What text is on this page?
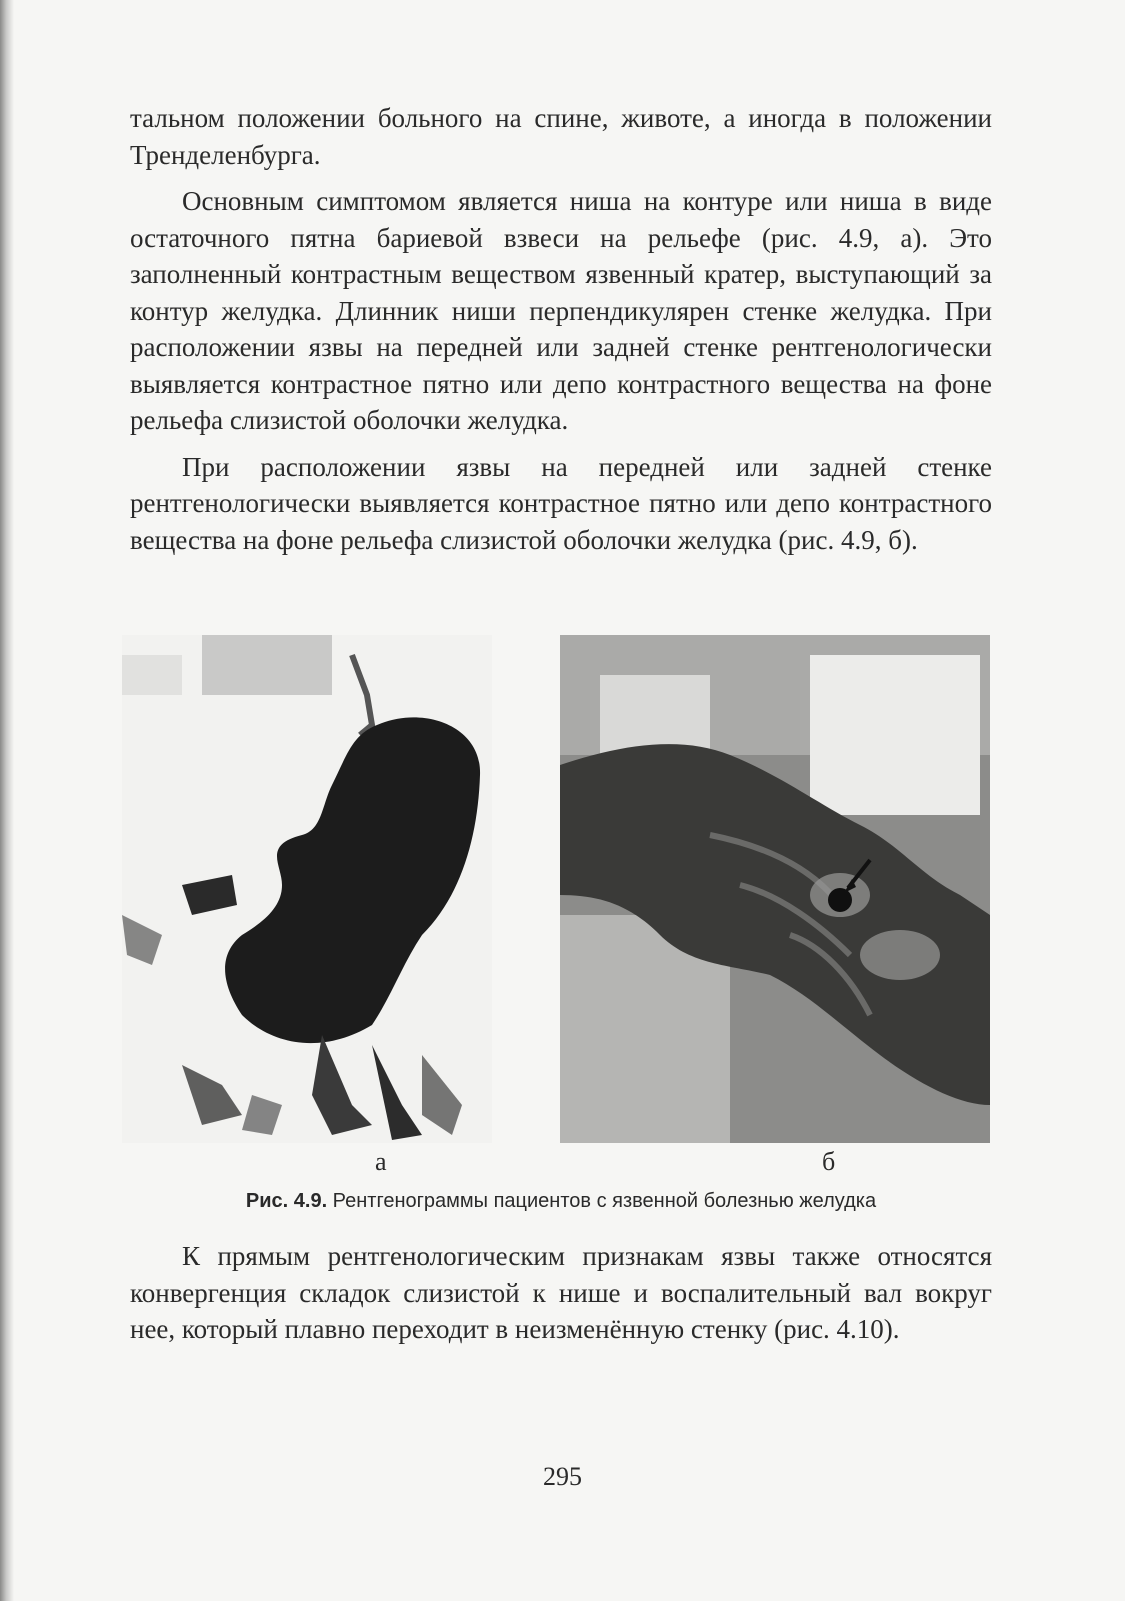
тальном положении больного на спине, животе, а иногда в положении Тренделенбурга.

Основным симптомом является ниша на контуре или ниша в виде остаточного пятна бариевой взвеси на рельефе (рис. 4.9, а). Это заполненный контрастным веществом язвенный кратер, выступающий за контур желудка. Длинник ниши перпендикулярен стенке желудка. При расположении язвы на передней или задней стенке рентгенологически выявляется контрастное пятно или депо контрастного вещества на фоне рельефа слизистой оболочки желудка.

При расположении язвы на передней или задней стенке рентгенологически выявляется контрастное пятно или депо контрастного вещества на фоне рельефа слизистой оболочки желудка (рис. 4.9, б).

а	б
Рис. 4.9. Рентгенограммы пациентов с язвенной болезнью желудка

К прямым рентгенологическим признакам язвы также относятся конвергенция складок слизистой к нише и воспалительный вал вокруг нее, который плавно переходит в неизменённую стенку (рис. 4.10).

295
